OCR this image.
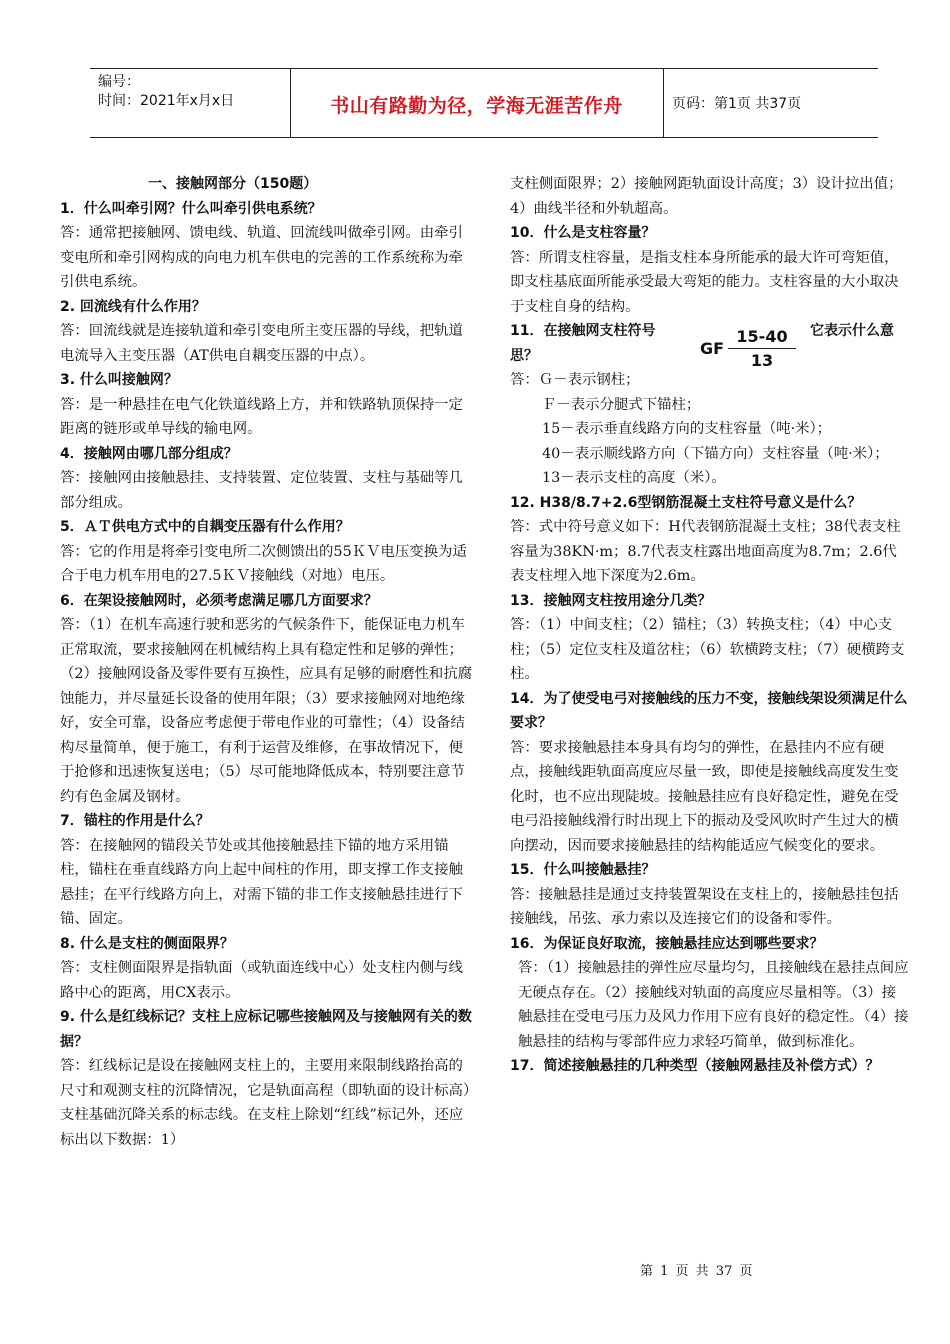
编号：
时间：2021年x月x日	书山有路勤为径，学海无涯苦作舟	页码：第1页 共37页

一、接触网部分（150题）

1．什么叫牵引网？什么叫牵引供电系统？

答：通常把接触网、馈电线、轨道、回流线叫做牵引网。由牵引变电所和牵引网构成的向电力机车供电的完善的工作系统称为牵引供电系统。

2. 回流线有什么作用？

答：回流线就是连接轨道和牵引变电所主变压器的导线，把轨道电流导入主变压器（AT供电自耦变压器的中点）。

3. 什么叫接触网？

答：是一种悬挂在电气化铁道线路上方，并和铁路轨顶保持一定距离的链形或单导线的输电网。

4．接触网由哪几部分组成？

答：接触网由接触悬挂、支持装置、定位装置、支柱与基础等几部分组成。

5．ＡＴ供电方式中的自耦变压器有什么作用？

答：它的作用是将牵引变电所二次侧馈出的55ＫＶ电压变换为适合于电力机车用电的27.5ＫＶ接触线（对地）电压。

6．在架设接触网时，必须考虑满足哪几方面要求？

答：（1）在机车高速行驶和恶劣的气候条件下，能保证电力机车正常取流，要求接触网在机械结构上具有稳定性和足够的弹性；（2）接触网设备及零件要有互换性，应具有足够的耐磨性和抗腐蚀能力，并尽量延长设备的使用年限；（3）要求接触网对地绝缘好，安全可靠，设备应考虑便于带电作业的可靠性；（4）设备结构尽量简单，便于施工，有利于运营及维修，在事故情况下，便于抢修和迅速恢复送电；（5）尽可能地降低成本，特别要注意节约有色金属及钢材。

7．锚柱的作用是什么？

答：在接触网的锚段关节处或其他接触悬挂下锚的地方采用锚柱，锚柱在垂直线路方向上起中间柱的作用，即支撑工作支接触悬挂；在平行线路方向上，对需下锚的非工作支接触悬挂进行下锚、固定。

8. 什么是支柱的侧面限界？

答：支柱侧面限界是指轨面（或轨面连线中心）处支柱内侧与线路中心的距离，用CX表示。

9. 什么是红线标记？支柱上应标记哪些接触网及与接触网有关的数据？

答：红线标记是设在接触网支柱上的，主要用来限制线路抬高的尺寸和观测支柱的沉降情况，它是轨面高程（即轨面的设计标高）支柱基础沉降关系的标志线。在支柱上除划“红线”标记外，还应标出以下数据：1）

支柱侧面限界；2）接触网距轨面设计高度；3）设计拉出值；4）曲线半径和外轨超高。

10．什么是支柱容量？

答：所谓支柱容量，是指支柱本身所能承的最大许可弯矩值，即支柱基底面所能承受最大弯矩的能力。支柱容量的大小取决于支柱自身的结构。

11．在接触网支柱符号 思？
它表示什么意
GF
15-40
13

答：Ｇ－表示钢柱；

Ｆ－表示分腿式下锚柱；

15－表示垂直线路方向的支柱容量（吨·米）；

40－表示顺线路方向（下锚方向）支柱容量（吨·米）；

13－表示支柱的高度（米）。

12. H38/8.7+2.6型钢筋混凝土支柱符号意义是什么？

答：式中符号意义如下：H代表钢筋混凝土支柱；38代表支柱容量为38KN·m；8.7代表支柱露出地面高度为8.7m；2.6代表支柱埋入地下深度为2.6m。

13．接触网支柱按用途分几类？

答：（1）中间支柱；（2）锚柱；（3）转换支柱；（4）中心支柱；（5）定位支柱及道岔柱；（6）软横跨支柱；（7）硬横跨支柱。

14．为了使受电弓对接触线的压力不变，接触线架设须满足什么要求？

答：要求接触悬挂本身具有均匀的弹性，在悬挂内不应有硬点，接触线距轨面高度应尽量一致，即使是接触线高度发生变化时，也不应出现陡坡。接触悬挂应有良好稳定性，避免在受电弓沿接触线滑行时出现上下的振动及受风吹时产生过大的横向摆动，因而要求接触悬挂的结构能适应气候变化的要求。

15．什么叫接触悬挂？

答：接触悬挂是通过支持装置架设在支柱上的，接触悬挂包括接触线，吊弦、承力索以及连接它们的设备和零件。

16．为保证良好取流，接触悬挂应达到哪些要求？

答：（1）接触悬挂的弹性应尽量均匀，且接触线在悬挂点间应无硬点存在。（2）接触线对轨面的高度应尽量相等。（3）接触悬挂在受电弓压力及风力作用下应有良好的稳定性。（4）接触悬挂的结构与零部件应力求轻巧简单，做到标准化。

17．简述接触悬挂的几种类型（接触网悬挂及补偿方式）？

第 1 页 共 37 页
